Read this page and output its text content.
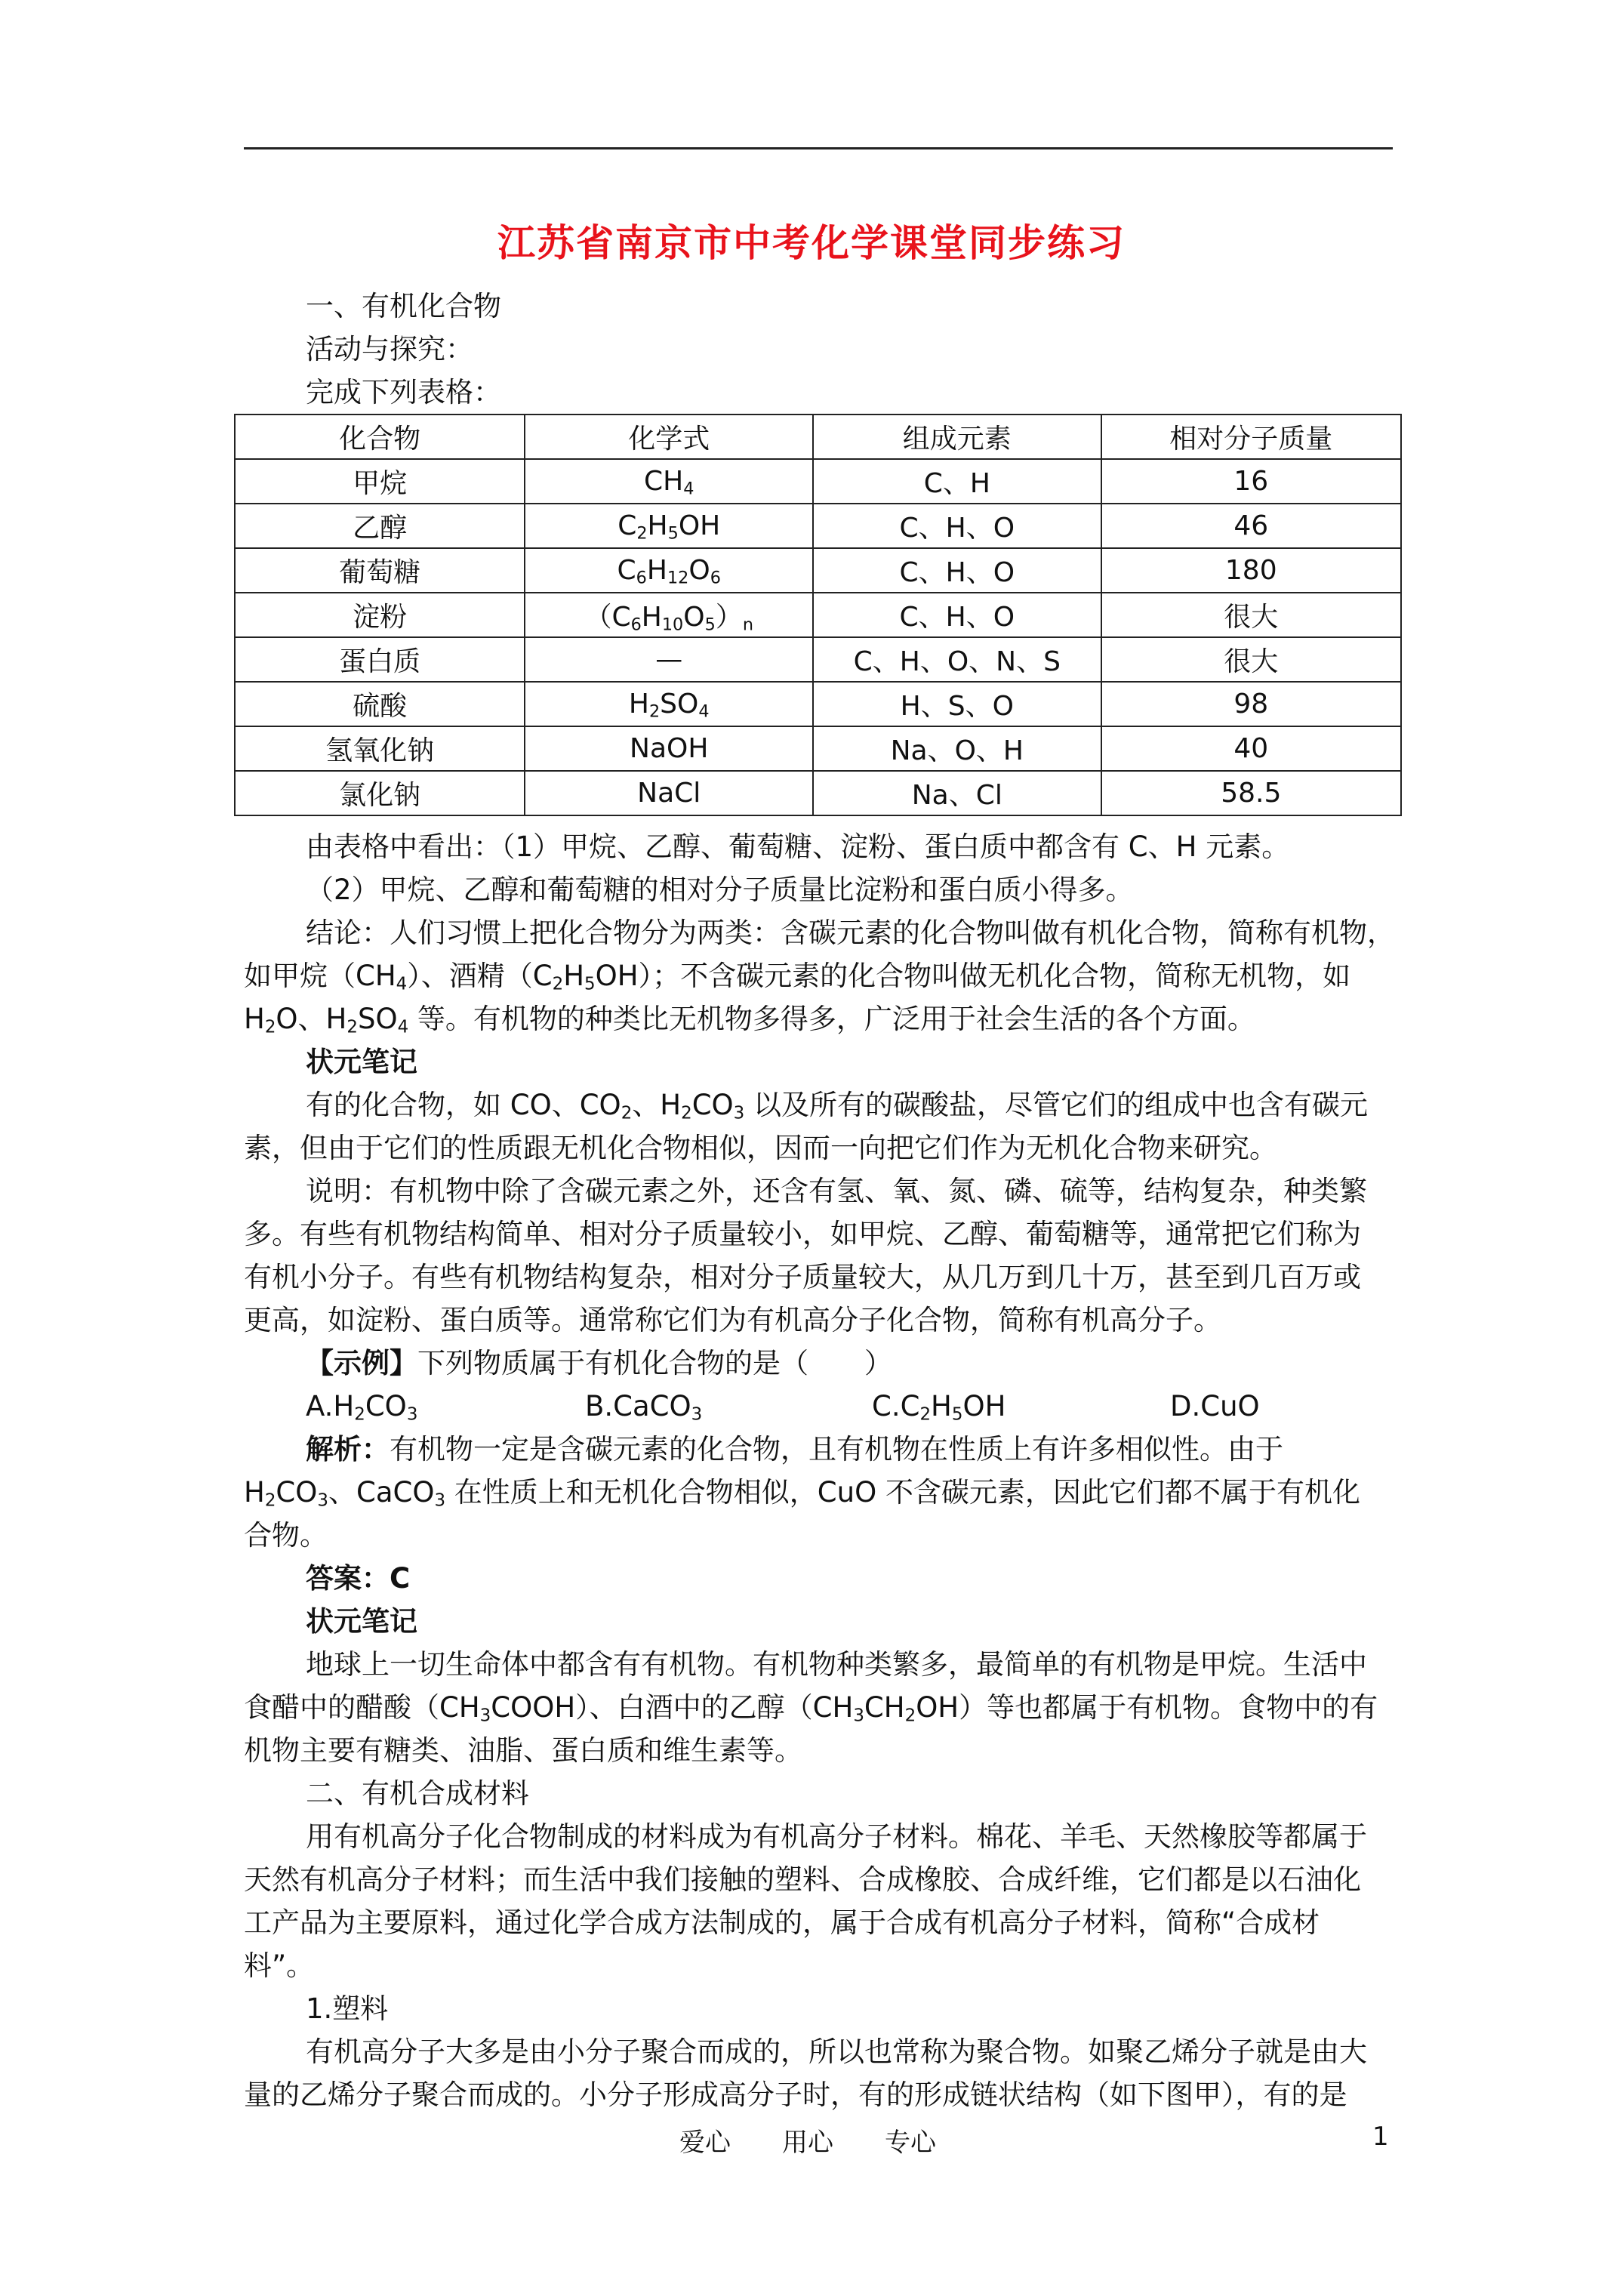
江苏省南京市中考化学课堂同步练习
一、有机化合物
活动与探究：
完成下列表格：
化合物	化学式	组成元素	相对分子质量
甲烷	$CH_4$	C、H	16
乙醇	$C_2H_5OH$	C、H、O	46
葡萄糖	$C_6H_{12}O_6$	C、H、O	180
淀粉	$(C_6H_{10}O_5)_n$	C、H、O	很大
蛋白质	—	C、H、O、N、S	很大
硫酸	$H_2SO_4$	H、S、O	98
氢氧化钠	NaOH	Na、O、H	40
氯化钠	NaCl	Na、Cl	58.5
由表格中看出：（1）甲烷、乙醇、葡萄糖、淀粉、蛋白质中都含有 C、H 元素。
（2）甲烷、乙醇和葡萄糖的相对分子质量比淀粉和蛋白质小得多。
结论：人们习惯上把化合物分为两类：含碳元素的化合物叫做有机化合物，简称有机物，
如甲烷$(CH_4)$、酒精$(C_2H_5OH)$；不含碳元素的化合物叫做无机化合物，简称无机物，如
$H_2O$、$H_2SO_4$ 等。有机物的种类比无机物多得多，广泛用于社会生活的各个方面。
状元笔记
有的化合物，如 CO、$CO_2$、$H_2CO_3$ 以及所有的碳酸盐，尽管它们的组成中也含有碳元
素，但由于它们的性质跟无机化合物相似，因而一向把它们作为无机化合物来研究。
说明：有机物中除了含碳元素之外，还含有氢、氧、氮、磷、硫等，结构复杂，种类繁
多。有些有机物结构简单、相对分子质量较小，如甲烷、乙醇、葡萄糖等，通常把它们称为
有机小分子。有些有机物结构复杂，相对分子质量较大，从几万到几十万，甚至到几百万或
更高，如淀粉、蛋白质等。通常称它们为有机高分子化合物，简称有机高分子。
【示例】下列物质属于有机化合物的是（　　）
$A.H_2CO_3$	B.CaCO$_3$	$C.C_2H_5OH$	D.CuO
解析：有机物一定是含碳元素的化合物，且有机物在性质上有许多相似性。由于
$H_2CO_3$、CaCO$_3$ 在性质上和无机化合物相似，CuO 不含碳元素，因此它们都不属于有机化
合物。
答案：C
状元笔记
地球上一切生命体中都含有有机物。有机物种类繁多，最简单的有机物是甲烷。生活中
食醋中的醋酸$(CH_3COOH)$、白酒中的乙醇$(CH_3CH_2OH)$等也都属于有机物。食物中的有
机物主要有糖类、油脂、蛋白质和维生素等。
二、有机合成材料
用有机高分子化合物制成的材料成为有机高分子材料。棉花、羊毛、天然橡胶等都属于
天然有机高分子材料；而生活中我们接触的塑料、合成橡胶、合成纤维，它们都是以石油化
工产品为主要原料，通过化学合成方法制成的，属于合成有机高分子材料，简称“合成材
料”。
1.塑料
有机高分子大多是由小分子聚合而成的，所以也常称为聚合物。如聚乙烯分子就是由大
量的乙烯分子聚合而成的。小分子形成高分子时，有的形成链状结构（如下图甲），有的是
爱心　　用心　　专心	1
